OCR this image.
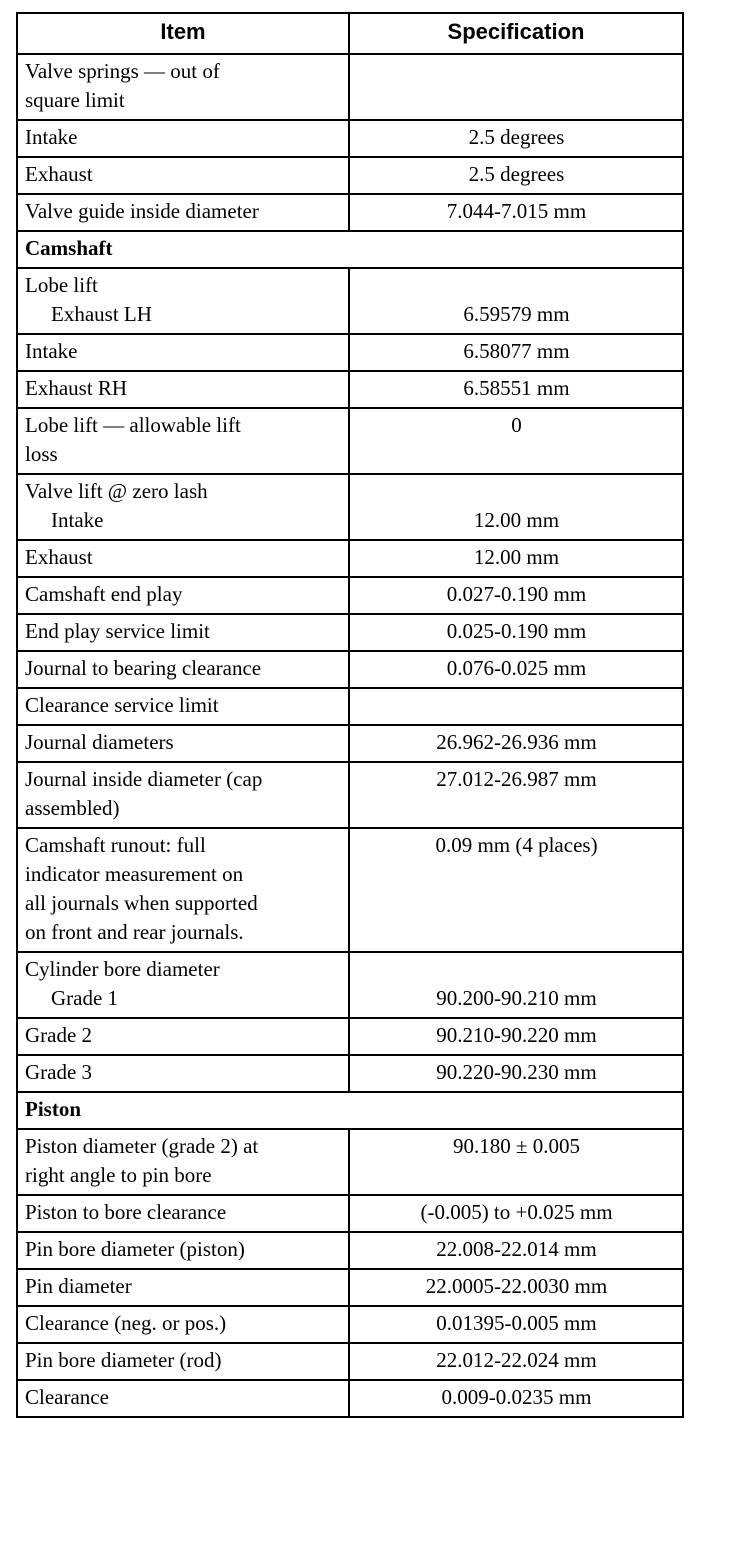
Item	Specification

Valve springs — out of
square limit	

Intake	2.5 degrees
Exhaust	2.5 degrees
Valve guide inside diameter	7.044-7.015 mm
Camshaft	

Lobe lift
Exhaust LH	6.59579 mm

Intake	6.58077 mm
Exhaust RH	6.58551 mm

Lobe lift — allowable lift
loss	0

Valve lift @ zero lash
Intake	12.00 mm

Exhaust	12.00 mm
Camshaft end play	0.027-0.190 mm
End play service limit	0.025-0.190 mm
Journal to bearing clearance	0.076-0.025 mm
Clearance service limit	
Journal diameters	26.962-26.936 mm

Journal inside diameter (cap
assembled)	27.012-26.987 mm

Camshaft runout: full
indicator measurement on
all journals when supported
on front and rear journals.	0.09 mm (4 places)

Cylinder bore diameter
Grade 1	90.200-90.210 mm

Grade 2	90.210-90.220 mm
Grade 3	90.220-90.230 mm
Piston	

Piston diameter (grade 2) at
right angle to pin bore	90.180 ± 0.005
Piston to bore clearance	(-0.005) to +0.025 mm
Pin bore diameter (piston)	22.008-22.014 mm
Pin diameter	22.0005-22.0030 mm
Clearance (neg. or pos.)	0.01395-0.005 mm
Pin bore diameter (rod)	22.012-22.024 mm
Clearance	0.009-0.0235 mm
